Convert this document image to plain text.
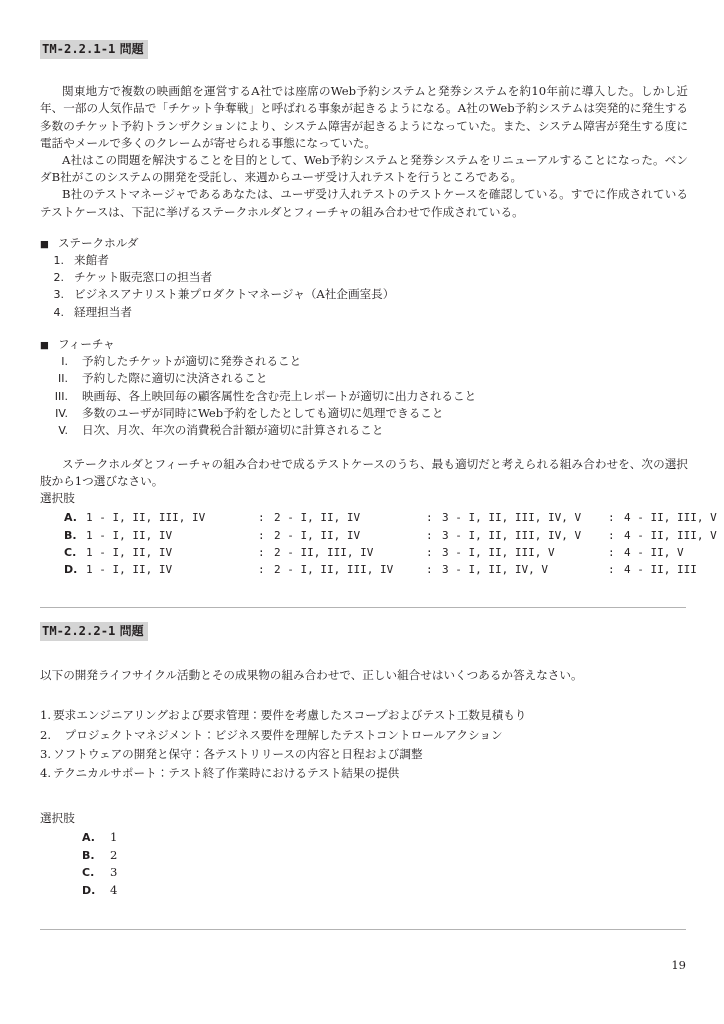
TM-2.2.1-1 問題

関東地方で複数の映画館を運営するA社では座席のWeb予約システムと発券システムを約10年前に導入した。しかし近年、一部の人気作品で「チケット争奪戦」と呼ばれる事象が起きるようになる。A社のWeb予約システムは突発的に発生する多数のチケット予約トランザクションにより、システム障害が起きるようになっていた。また、システム障害が発生する度に電話やメールで多くのクレームが寄せられる事態になっていた。

A社はこの問題を解決することを目的として、Web予約システムと発券システムをリニューアルすることになった。ベンダB社がこのシステムの開発を受託し、来週からユーザ受け入れテストを行うところである。

B社のテストマネージャであるあなたは、ユーザ受け入れテストのテストケースを確認している。すでに作成されているテストケースは、下記に挙げるステークホルダとフィーチャの組み合わせで作成されている。

■ ステークホルダ
1. 来館者
2. チケット販売窓口の担当者
3. ビジネスアナリスト兼プロダクトマネージャ（A社企画室長）
4. 経理担当者
■ フィーチャ
I.	予約したチケットが適切に発券されること
II.	予約した際に適切に決済されること
III.	映画毎、各上映回毎の顧客属性を含む売上レポートが適切に出力されること
IV.	多数のユーザが同時にWeb予約をしたとしても適切に処理できること
V.	日次、月次、年次の消費税合計額が適切に計算されること

ステークホルダとフィーチャの組み合わせで成るテストケースのうち、最も適切だと考えられる組み合わせを、次の選択肢から1つ選びなさい。

選択肢

A. 1 - I, II, III, IV	: 2 - I, II, IV	: 3 - I, II, III, IV, V	: 4 - II, III, V
B. 1 - I, II, IV	: 2 - I, II, IV	: 3 - I, II, III, IV, V	: 4 - II, III, V
C. 1 - I, II, IV	: 2 - II, III, IV	: 3 - I, II, III, V	: 4 - II, V
D. 1 - I, II, IV	: 2 - I, II, III, IV	: 3 - I, II, IV, V	: 4 - II, III
TM-2.2.2-1 問題

以下の開発ライフサイクル活動とその成果物の組み合わせで、正しい組合せはいくつあるか答えなさい。

1. 要求エンジニアリングおよび要求管理：要件を考慮したスコープおよびテスト工数見積もり
2. 　プロジェクトマネジメント：ビジネス要件を理解したテストコントロールアクション
3. ソフトウェアの開発と保守：各テストリリースの内容と日程および調整
4. テクニカルサポート：テスト終了作業時におけるテスト結果の提供

選択肢

A.	1
B.	2
C.	3
D.	4
19
